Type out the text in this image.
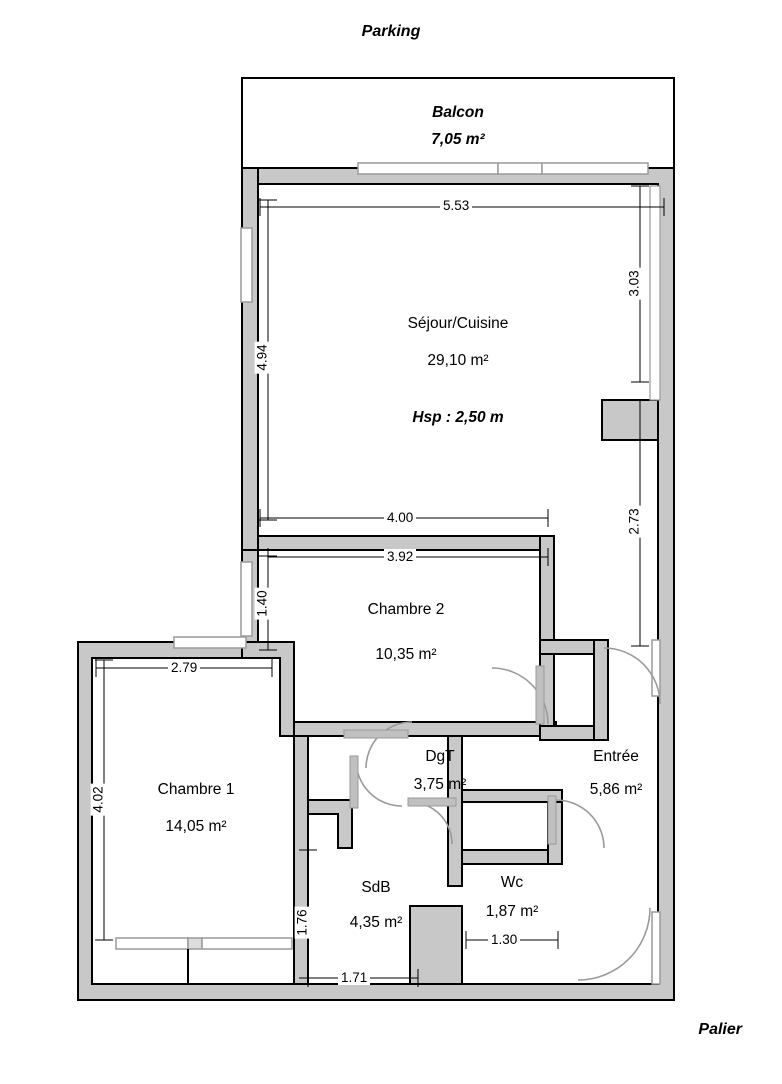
Parking
Palier
Balcon
7,05 m²
Séjour/Cuisine
29,10 m²
Hsp : 2,50 m
Chambre 2
10,35 m²
Chambre 1
14,05 m²
DgT
3,75 m²
Entrée
5,86 m²
SdB
4,35 m²
Wc
1,87 m²
5.53
3.03
4.94
2.73
4.00
3.92
1.40
2.79
4.02
1.76
1.71
1.30
